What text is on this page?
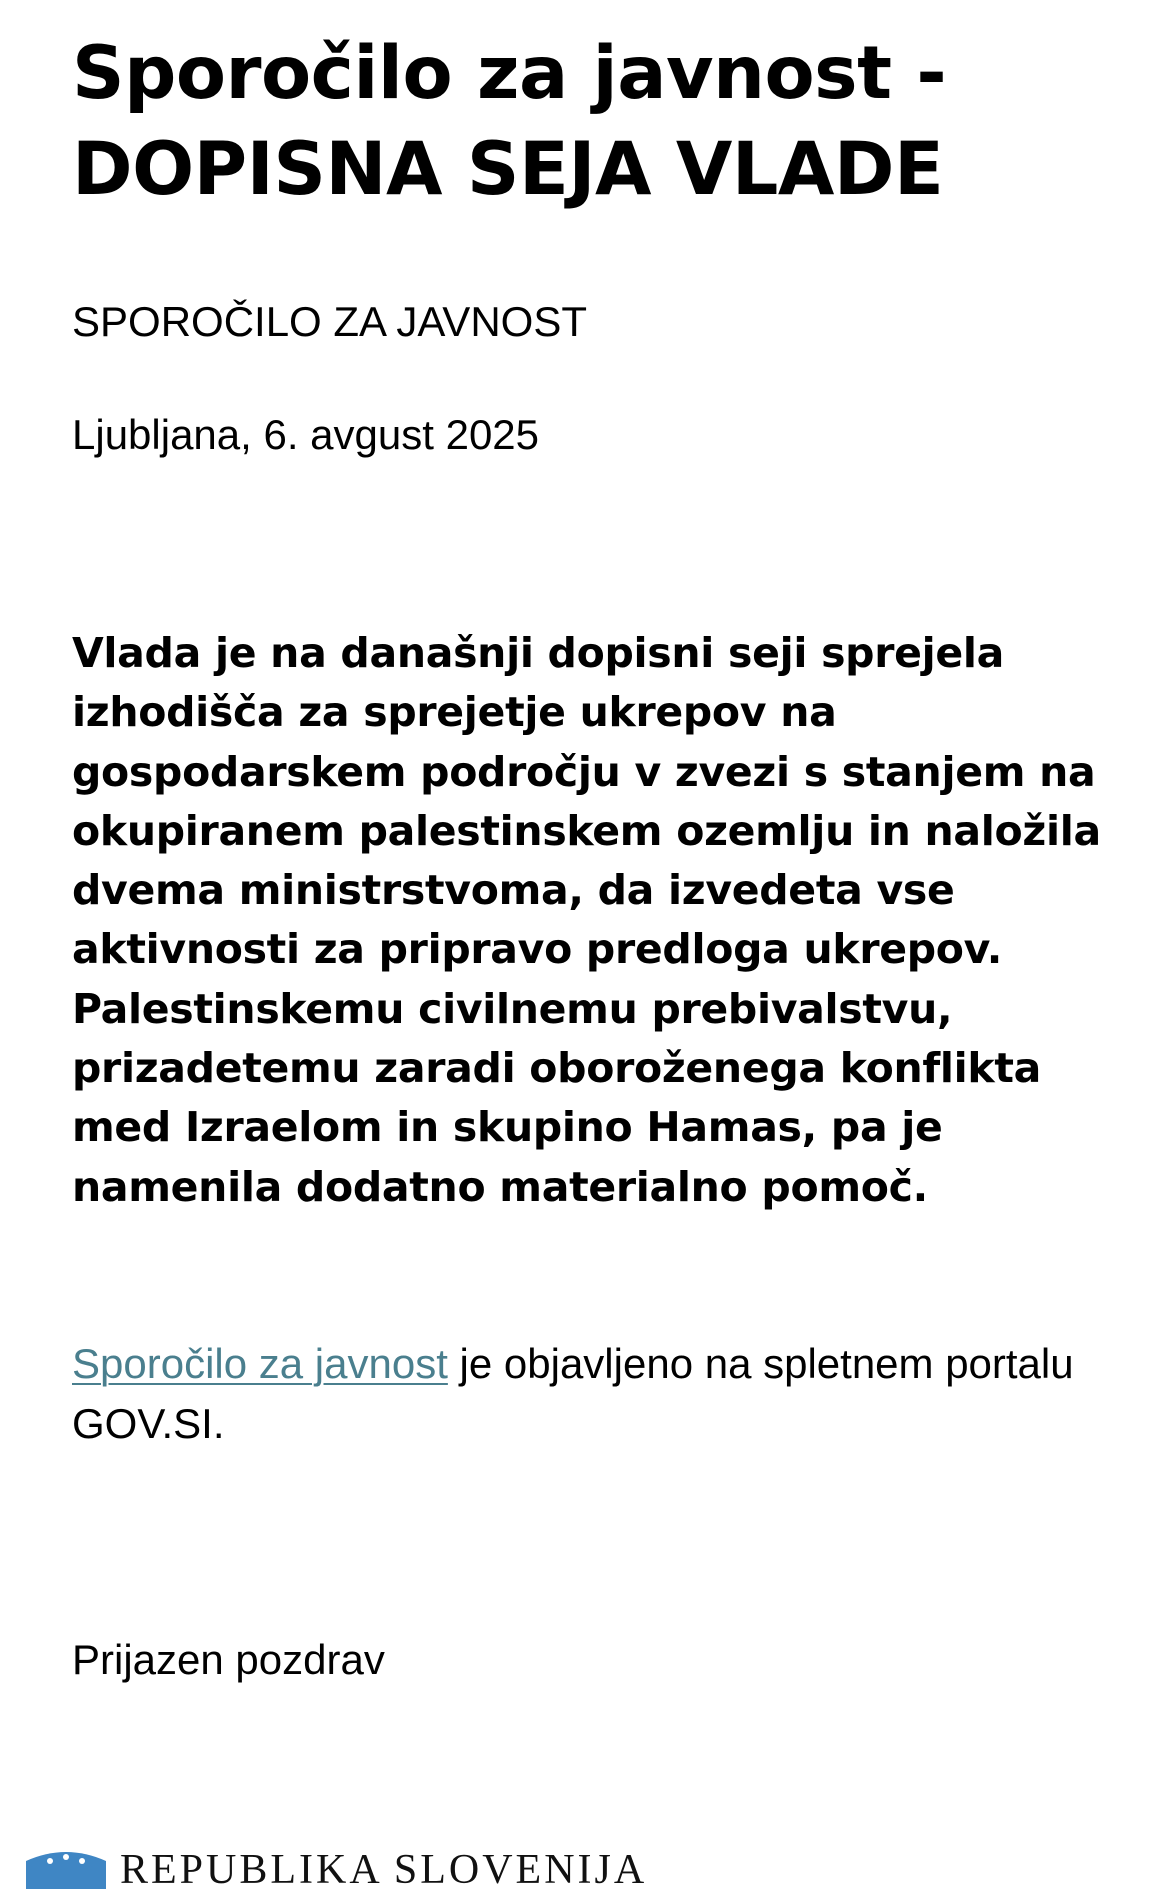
Sporočilo za javnost -
DOPISNA SEJA VLADE
SPOROČILO ZA JAVNOST
Ljubljana, 6. avgust 2025

Vlada je na današnji dopisni seji sprejela izhodišča za sprejetje ukrepov na gospodarskem področju v zvezi s stanjem na okupiranem palestinskem ozemlju in naložila dvema ministrstvoma, da izvedeta vse aktivnosti za pripravo predloga ukrepov. Palestinskemu civilnemu prebivalstvu, prizadetemu zaradi oboroženega konflikta med Izraelom in skupino Hamas, pa je namenila dodatno materialno pomoč.

Sporočilo za javnost je objavljeno na spletnem portalu GOV.SI.

Prijazen pozdrav
REPUBLIKA SLOVENIJA
